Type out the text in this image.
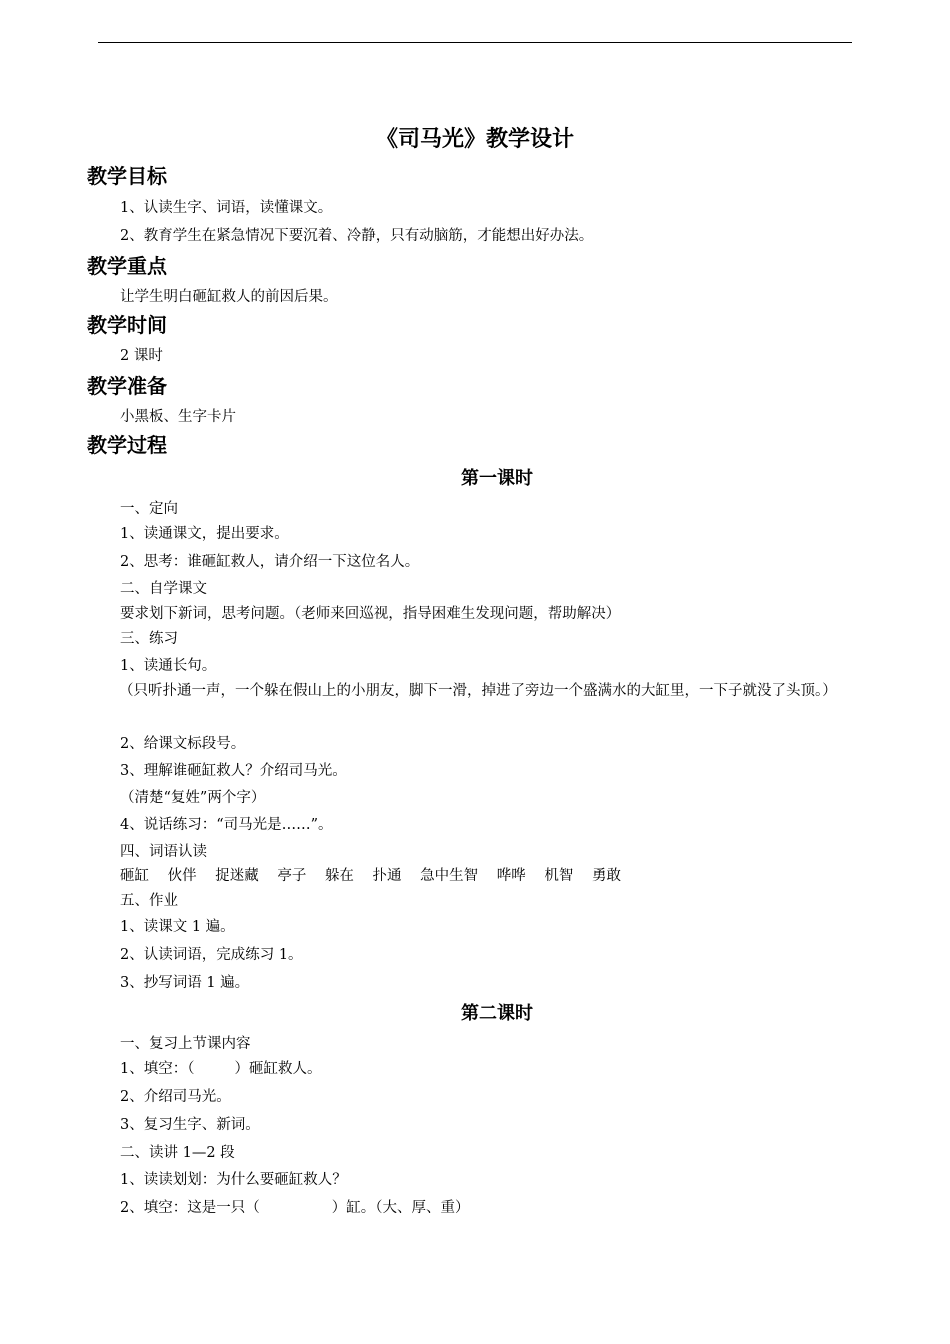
《司马光》教学设计
教学目标
1、认读生字、词语，读懂课文。
2、教育学生在紧急情况下要沉着、冷静，只有动脑筋，才能想出好办法。
教学重点
让学生明白砸缸救人的前因后果。
教学时间
2 课时
教学准备
小黑板、生字卡片
教学过程
第一课时
一、定向
1、读通课文，提出要求。
2、思考：谁砸缸救人，请介绍一下这位名人。
二、自学课文
要求划下新词，思考问题。（老师来回巡视，指导困难生发现问题，帮助解决）
三、练习
1、读通长句。
（只听扑通一声，一个躲在假山上的小朋友，脚下一滑，掉进了旁边一个盛满水的大缸里，一下子就没了头顶。）
2、给课文标段号。
3、理解谁砸缸救人？介绍司马光。
（清楚“复姓”两个字）
4、说话练习：“司马光是……”。
四、词语认读
砸缸 伙伴 捉迷藏 亭子 躲在 扑通 急中生智 哗哗 机智 勇敢
五、作业
1、读课文 1 遍。
2、认读词语，完成练习 1。
3、抄写词语 1 遍。
第二课时
一、复习上节课内容
1、填空：（	）砸缸救人。
2、介绍司马光。
3、复习生字、新词。
二、读讲 1—2 段
1、读读划划：为什么要砸缸救人？
2、填空：这是一只（	）缸。（大、厚、重）
